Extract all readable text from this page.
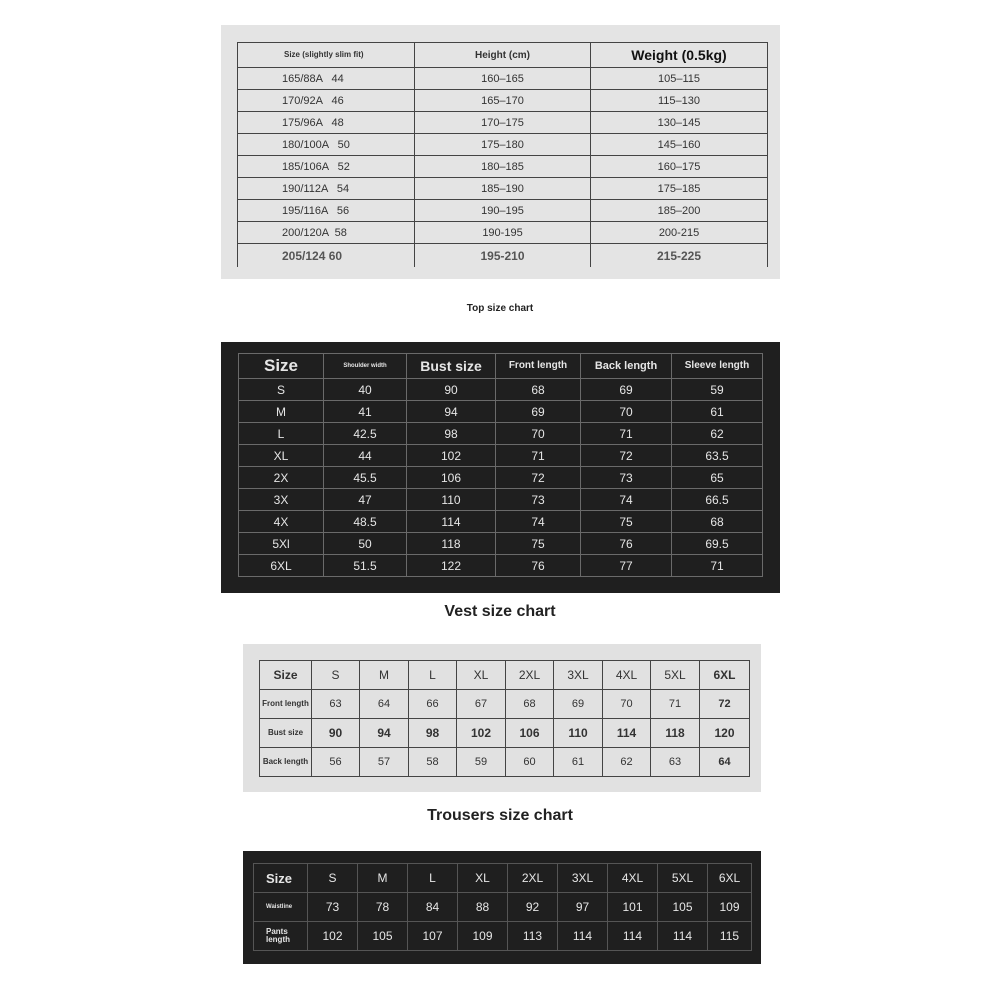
Size (slightly slim fit)	Height (cm)	Weight (0.5kg)
165/88A   44	160–165	105–115
170/92A   46	165–170	115–130
175/96A   48	170–175	130–145
180/100A   50	175–180	145–160
185/106A   52	180–185	160–175
190/112A   54	185–190	175–185
195/116A   56	190–195	185–200
200/120A  58	190-195	200-215
205/124 60	195-210	215-225
Top size chart
Size	Shoulder width	Bust size	Front length	Back length	Sleeve length
S	40	90	68	69	59
M	41	94	69	70	61
L	42.5	98	70	71	62
XL	44	102	71	72	63.5
2X	45.5	106	72	73	65
3X	47	110	73	74	66.5
4X	48.5	114	74	75	68
5Xl	50	118	75	76	69.5
6XL	51.5	122	76	77	71
Vest size chart
Size	S	M	L	XL	2XL	3XL	4XL	5XL	6XL
Front length	63	64	66	67	68	69	70	71	72
Bust size	90	94	98	102	106	110	114	118	120
Back length	56	57	58	59	60	61	62	63	64
Trousers size chart
Size	S	M	L	XL	2XL	3XL	4XL	5XL	6XL
Waistline	73	78	84	88	92	97	101	105	109
Pants length	102	105	107	109	113	114	114	114	115
